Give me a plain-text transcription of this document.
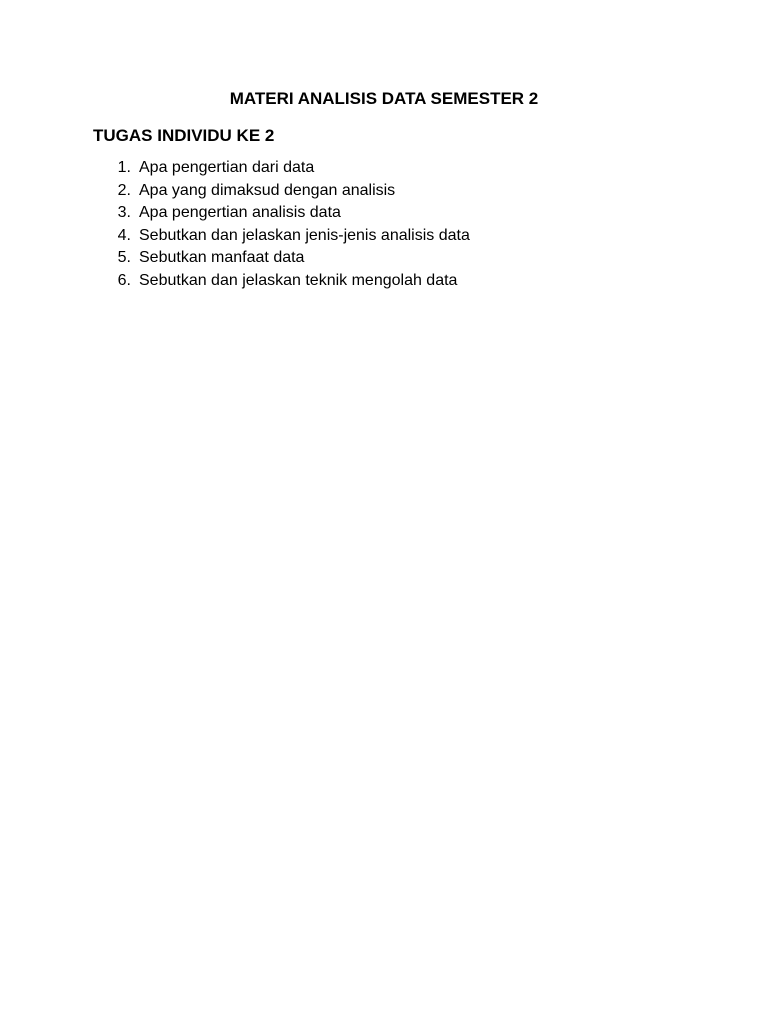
MATERI ANALISIS DATA SEMESTER 2
TUGAS INDIVIDU KE 2
1. Apa pengertian dari data
2. Apa yang dimaksud dengan analisis
3. Apa pengertian analisis data
4. Sebutkan dan jelaskan jenis-jenis analisis data
5. Sebutkan manfaat data
6. Sebutkan dan jelaskan teknik mengolah data
